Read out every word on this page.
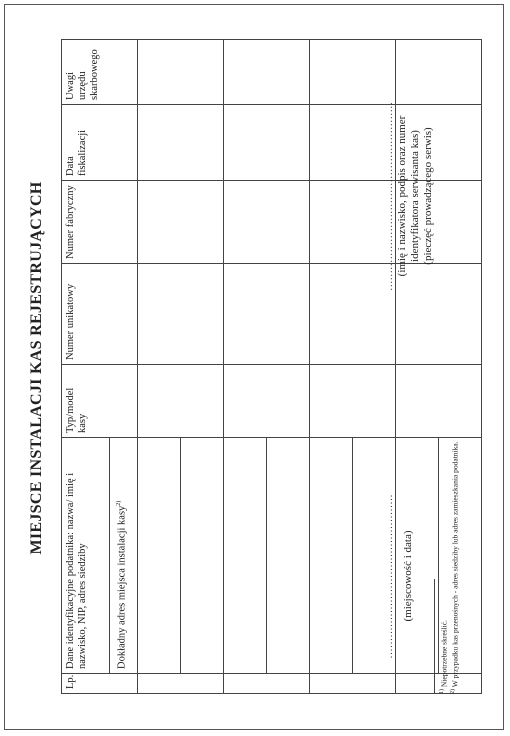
MIEJSCE INSTALACJI KAS REJESTRUJĄCYCH
Lp.	Dane identyfikacyjne podatnika: nazwa/ imię i nazwisko, NIP, adres siedziby	Typ/model kasy	Numer unikatowy	Numer fabryczny	Data fiskalizacji	Uwagi urzędu skarbowego
	Dokładny adres miejsca instalacji kasy$^{2)}$

							............................................... (miejscowość i data)
...................................................... (imię i nazwisko, podpis oraz numer identyfikatora serwisanta kas) (pieczęć prowadzącego serwis)
$^{1)}$ Niepotrzebne skreślić.
$^{2)}$ W przypadku kas przenośnych - adres siedziby lub adres zamieszkania podatnika.
